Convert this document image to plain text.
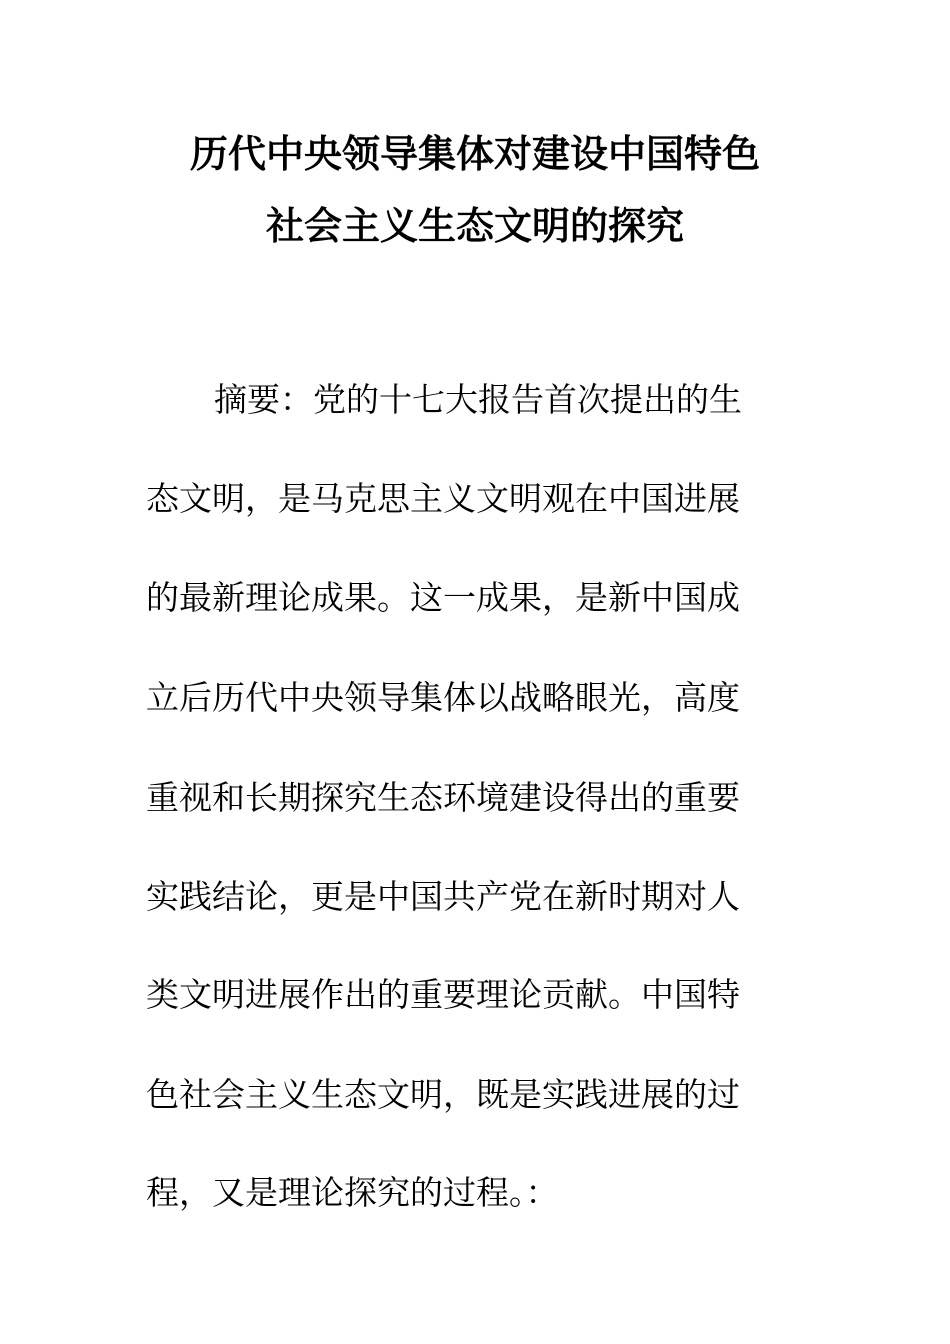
历代中央领导集体对建设中国特色
社会主义生态文明的探究
摘要：党的十七大报告首次提出的生
态文明，是马克思主义文明观在中国进展
的最新理论成果。这一成果，是新中国成
立后历代中央领导集体以战略眼光，高度
重视和长期探究生态环境建设得出的重要
实践结论，更是中国共产党在新时期对人
类文明进展作出的重要理论贡献。中国特
色社会主义生态文明，既是实践进展的过
程，又是理论探究的过程。：
